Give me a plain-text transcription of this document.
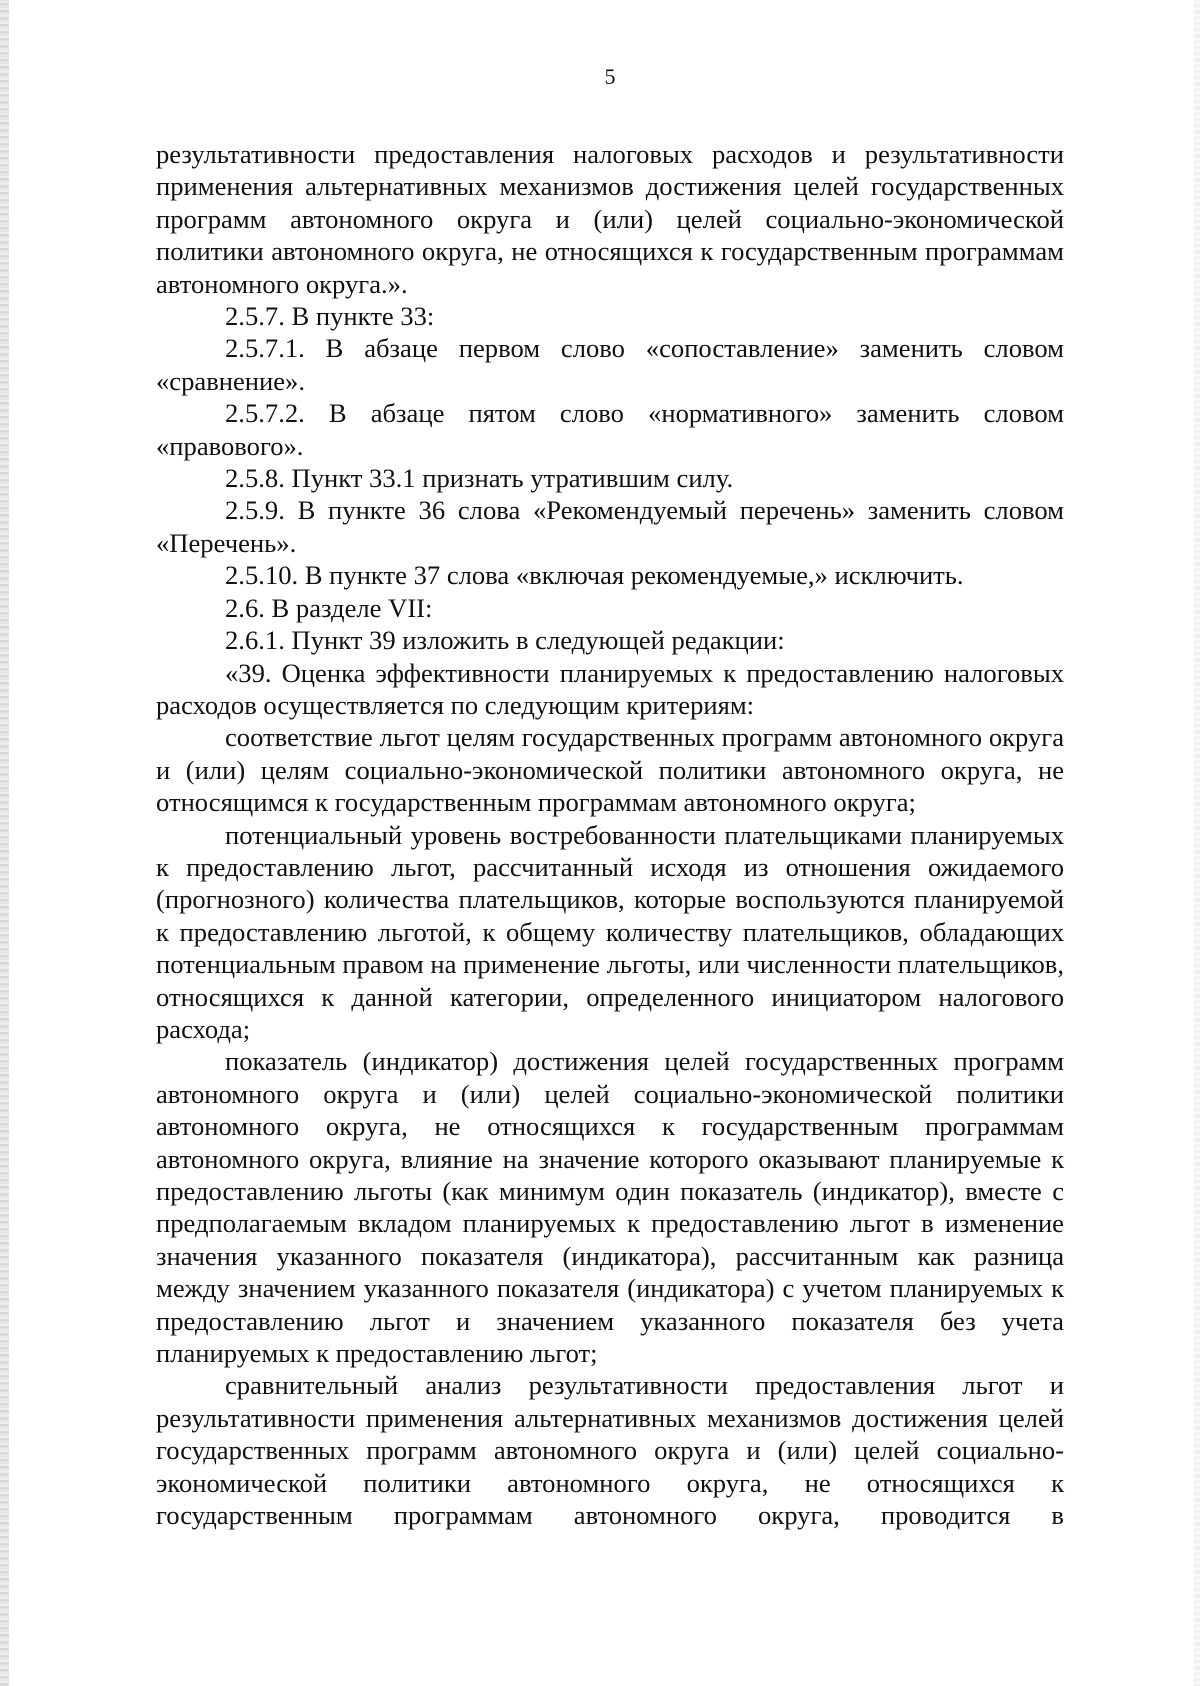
5

результативности предоставления налоговых расходов и результативности применения альтернативных механизмов достижения целей государственных программ автономного округа и (или) целей социально-экономической политики автономного округа, не относящихся к государственным программам автономного округа.».

2.5.7. В пункте 33:

2.5.7.1. В абзаце первом слово «сопоставление» заменить словом «сравнение».

2.5.7.2. В абзаце пятом слово «нормативного» заменить словом «правового».

2.5.8. Пункт 33.1 признать утратившим силу.

2.5.9. В пункте 36 слова «Рекомендуемый перечень» заменить словом «Перечень».

2.5.10. В пункте 37 слова «включая рекомендуемые,» исключить.

2.6. В разделе VII:

2.6.1. Пункт 39 изложить в следующей редакции:

«39. Оценка эффективности планируемых к предоставлению налоговых расходов осуществляется по следующим критериям:

соответствие льгот целям государственных программ автономного округа и (или) целям социально-экономической политики автономного округа, не относящимся к государственным программам автономного округа;

потенциальный уровень востребованности плательщиками планируемых к предоставлению льгот, рассчитанный исходя из отношения ожидаемого (прогнозного) количества плательщиков, которые воспользуются планируемой к предоставлению льготой, к общему количеству плательщиков, обладающих потенциальным правом на применение льготы, или численности плательщиков, относящихся к данной категории, определенного инициатором налогового расхода;

показатель (индикатор) достижения целей государственных программ автономного округа и (или) целей социально-экономической политики автономного округа, не относящихся к государственным программам автономного округа, влияние на значение которого оказывают планируемые к предоставлению льготы (как минимум один показатель (индикатор), вместе с предполагаемым вкладом планируемых к предоставлению льгот в изменение значения указанного показателя (индикатора), рассчитанным как разница между значением указанного показателя (индикатора) с учетом планируемых к предоставлению льгот и значением указанного показателя без учета планируемых к предоставлению льгот;

сравнительный анализ результативности предоставления льгот и результативности применения альтернативных механизмов достижения целей государственных программ автономного округа и (или) целей социально-экономической политики автономного округа, не относящихся к государственным программам автономного округа, проводится в
